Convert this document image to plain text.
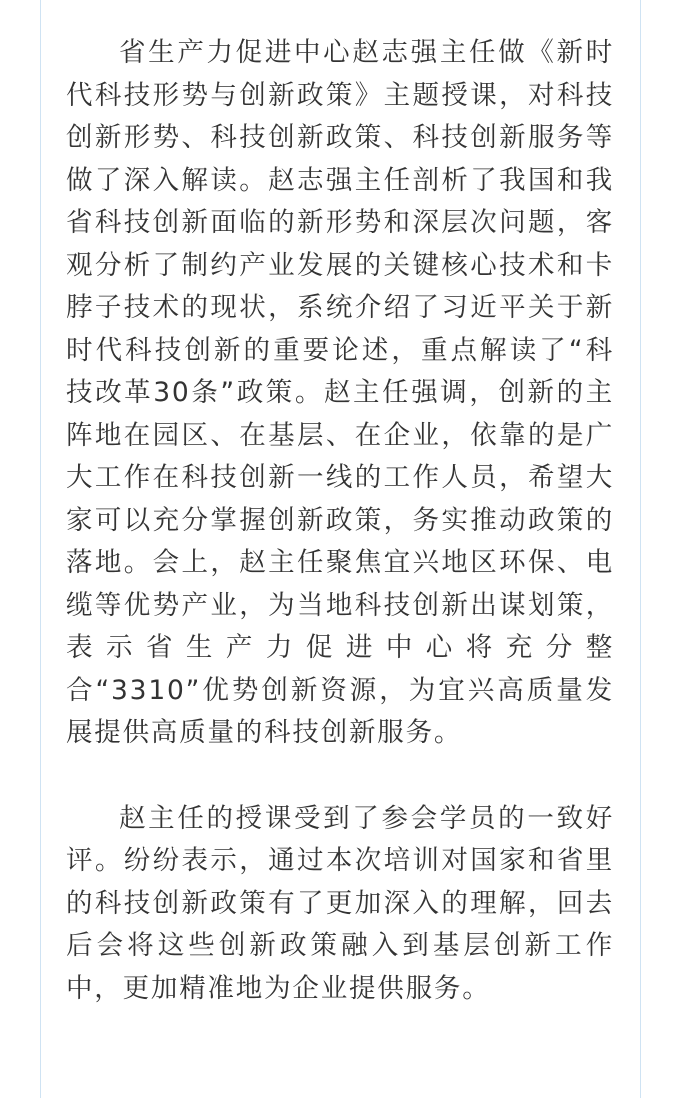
省生产力促进中心赵志强主任做《新时代科技形势与创新政策》主题授课，对科技创新形势、科技创新政策、科技创新服务等做了深入解读。赵志强主任剖析了我国和我省科技创新面临的新形势和深层次问题，客观分析了制约产业发展的关键核心技术和卡脖子技术的现状，系统介绍了习近平关于新时代科技创新的重要论述，重点解读了“科技改革30条”政策。赵主任强调，创新的主阵地在园区、在基层、在企业，依靠的是广大工作在科技创新一线的工作人员，希望大家可以充分掌握创新政策，务实推动政策的落地。会上，赵主任聚焦宜兴地区环保、电缆等优势产业，为当地科技创新出谋划策，表示省生产力促进中心将充分整合“3310”优势创新资源，为宜兴高质量发展提供高质量的科技创新服务。

赵主任的授课受到了参会学员的一致好评。纷纷表示，通过本次培训对国家和省里的科技创新政策有了更加深入的理解，回去后会将这些创新政策融入到基层创新工作中，更加精准地为企业提供服务。
